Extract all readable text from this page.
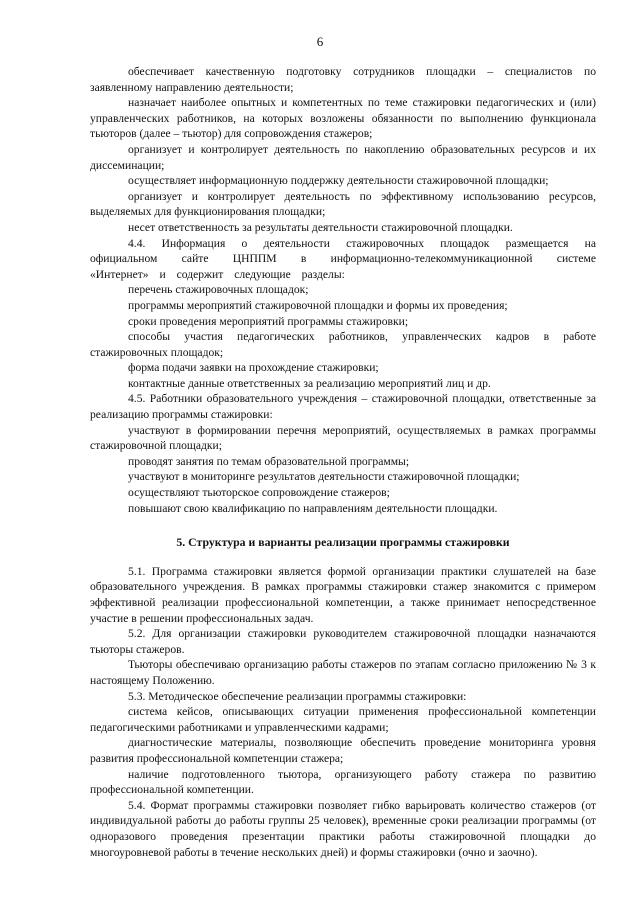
6

обеспечивает качественную подготовку сотрудников площадки – специалистов по заявленному направлению деятельности;

назначает наиболее опытных и компетентных по теме стажировки педагогических и (или) управленческих работников, на которых возложены обязанности по выполнению функционала тьюторов (далее – тьютор) для сопровождения стажеров;

организует и контролирует деятельность по накоплению образовательных ресурсов и их диссеминации;

осуществляет информационную поддержку деятельности стажировочной площадки;

организует и контролирует деятельность по эффективному использованию ресурсов, выделяемых для функционирования площадки;

несет ответственность за результаты деятельности стажировочной площадки.

4.4. Информация о деятельности стажировочных площадок размещается на официальном сайте ЦНППМ в информационно-телекоммуникационной системе «Интернет» и содержит следующие разделы:

перечень стажировочных площадок;

программы мероприятий стажировочной площадки и формы их проведения;

сроки проведения мероприятий программы стажировки;

способы участия педагогических работников, управленческих кадров в работе стажировочных площадок;

форма подачи заявки на прохождение стажировки;

контактные данные ответственных за реализацию мероприятий лиц и др.

4.5. Работники образовательного учреждения – стажировочной площадки, ответственные за реализацию программы стажировки:

участвуют в формировании перечня мероприятий, осуществляемых в рамках программы стажировочной площадки;

проводят занятия по темам образовательной программы;

участвуют в мониторинге результатов деятельности стажировочной площадки;

осуществляют тьюторское сопровождение стажеров;

повышают свою квалификацию по направлениям деятельности площадки.

5. Структура и варианты реализации программы стажировки

5.1. Программа стажировки является формой организации практики слушателей на базе образовательного учреждения. В рамках программы стажировки стажер знакомится с примером эффективной реализации профессиональной компетенции, а также принимает непосредственное участие в решении профессиональных задач.

5.2. Для организации стажировки руководителем стажировочной площадки назначаются тьюторы стажеров.

Тьюторы обеспечиваю организацию работы стажеров по этапам согласно приложению № 3 к настоящему Положению.

5.3. Методическое обеспечение реализации программы стажировки:

система кейсов, описывающих ситуации применения профессиональной компетенции педагогическими работниками и управленческими кадрами;

диагностические материалы, позволяющие обеспечить проведение мониторинга уровня развития профессиональной компетенции стажера;

наличие подготовленного тьютора, организующего работу стажера по развитию профессиональной компетенции.

5.4. Формат программы стажировки позволяет гибко варьировать количество стажеров (от индивидуальной работы до работы группы 25 человек), временные сроки реализации программы (от одноразового проведения презентации практики работы стажировочной площадки до многоуровневой работы в течение нескольких дней) и формы стажировки (очно и заочно).
